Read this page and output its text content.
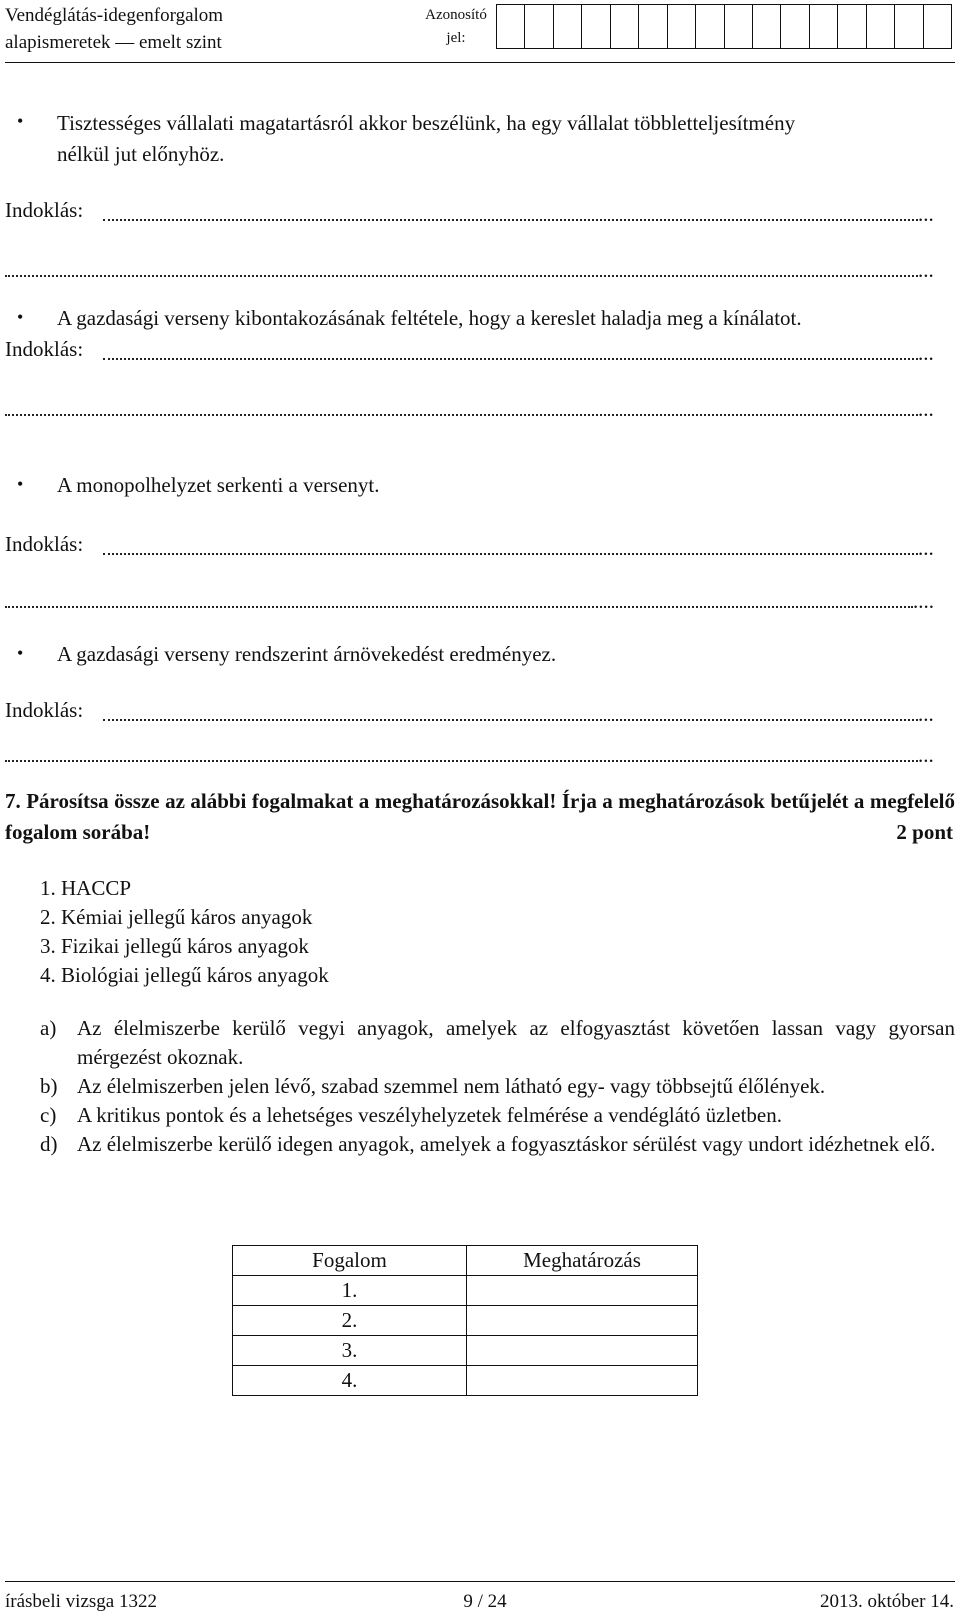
Vendéglátás-idegenforgalom
alapismeretek — emelt szint
Azonosító
jel:
• Tisztességes vállalati magatartásról akkor beszélünk, ha egy vállalat többletteljesítmény
nélkül jut előnyhöz.
Indoklás:	...
...
• A gazdasági verseny kibontakozásának feltétele, hogy a kereslet haladja meg a kínálatot.
Indoklás:	...
...
• A monopolhelyzet serkenti a versenyt.
Indoklás:	...
....
• A gazdasági verseny rendszerint árnövekedést eredményez.
Indoklás:	...
...
7. Párosítsa össze az alábbi fogalmakat a meghatározásokkal! Írja a meghatározások betűjelét a megfelelő fogalom sorába!	2 pont
1. HACCP
2. Kémiai jellegű káros anyagok
3. Fizikai jellegű káros anyagok
4. Biológiai jellegű káros anyagok
a) Az élelmiszerbe kerülő vegyi anyagok, amelyek az elfogyasztást követően lassan vagy gyorsan mérgezést okoznak.
b) Az élelmiszerben jelen lévő, szabad szemmel nem látható egy- vagy többsejtű élőlények.
c) A kritikus pontok és a lehetséges veszélyhelyzetek felmérése a vendéglátó üzletben.
d) Az élelmiszerbe kerülő idegen anyagok, amelyek a fogyasztáskor sérülést vagy undort idézhetnek elő.
Fogalom	Meghatározás
1.	
2.	
3.	
4.	
írásbeli vizsga 1322	9 / 24	2013. október 14.
